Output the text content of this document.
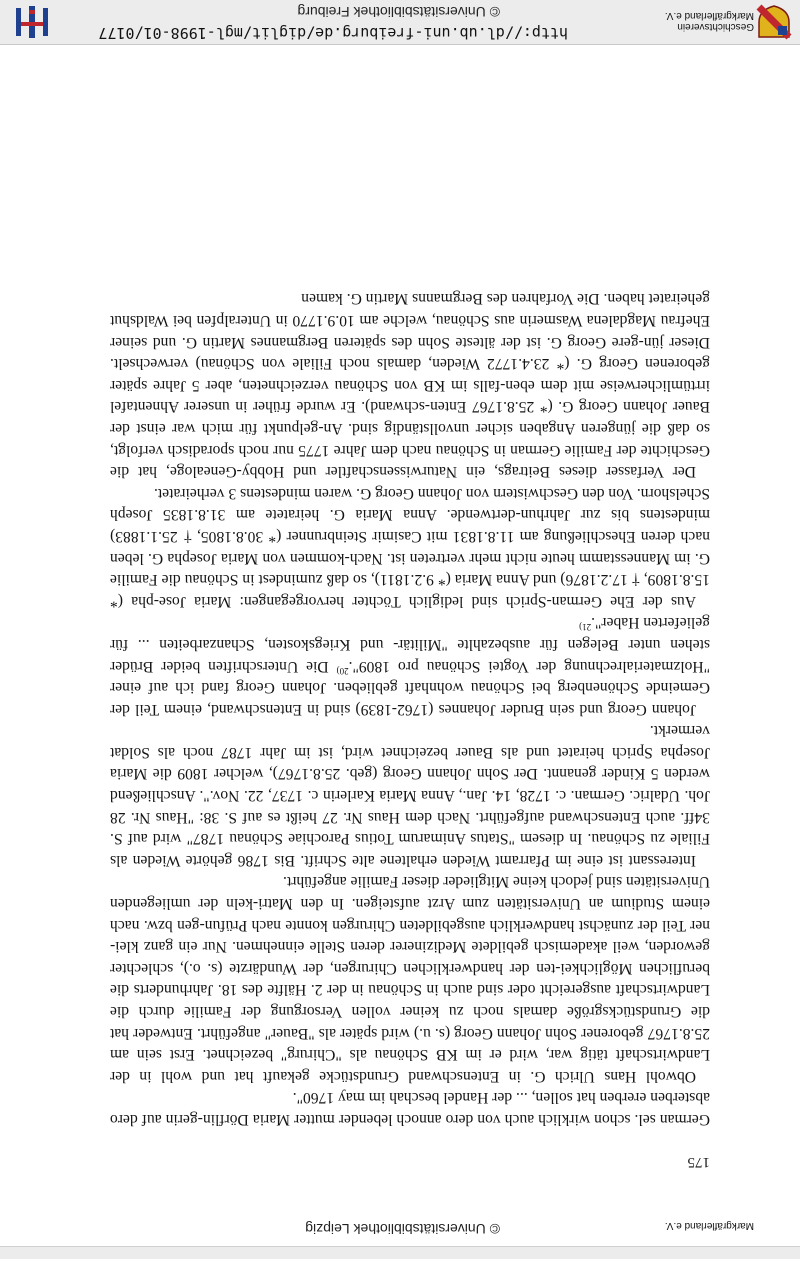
http://dl.ub.uni-freiburg.de/diglit/mgl-1998-01/0177
© Universitätsbibliothek Freiburg
Geschichtsverein
Markgräflerland e.V.
175

German sel. schon wirklich auch von dero annoch lebender mutter Maria Dörflin-gerin auf dero absterben ererben hat sollen, ... der Handel beschah im may 1760".

Obwohl Hans Ulrich G. in Entenschwand Grundstücke gekauft hat und wohl in der Landwirtschaft tätig war, wird er im KB Schönau als "Chirurg" bezeichnet. Erst sein am 25.8.1767 geborener Sohn Johann Georg (s. u.) wird später als "Bauer" angeführt. Entweder hat die Grundstücksgröße damals noch zu keiner vollen Versorgung der Familie durch die Landwirtschaft ausgereicht oder sind auch in Schönau in der 2. Hälfte des 18. Jahrhunderts die beruflichen Möglichkei-ten der handwerklichen Chirurgen, der Wundärzte (s. o.), schlechter geworden, weil akademisch gebildete Medizinerer deren Stelle einnehmen. Nur ein ganz klei-ner Teil der zunächst handwerklich ausgebildeten Chirurgen konnte nach Prüfun-gen bzw. nach einem Studium an Universitäten zum Arzt aufsteigen. In den Matri-keln der umliegenden Universitäten sind jedoch keine Mitglieder dieser Familie angeführt.

Interessant ist eine im Pfarramt Wieden erhaltene alte Schrift. Bis 1786 gehörte Wieden als Filiale zu Schönau. In diesem "Status Animarum Totius Parochiae Schönau 1787" wird auf S. 34ff. auch Entenschwand aufgeführt. Nach dem Haus Nr. 27 heißt es auf S. 38: "Haus Nr. 28 Joh. Udalric. German. c. 1728, 14. Jan., Anna Maria Karlerin c. 1737, 22. Nov.". Anschließend werden 5 Kinder genannt. Der Sohn Johann Georg (geb. 25.8.1767), welcher 1809 die Maria Josepha Sprich heiratet und als Bauer bezeichnet wird, ist im Jahr 1787 noch als Soldat vermerkt.

Johann Georg und sein Bruder Johannes (1762-1839) sind in Entenschwand, einem Teil der Gemeinde Schönenberg bei Schönau wohnhaft geblieben. Johann Georg fand ich auf einer "Holzmaterialrechnung der Vogtei Schönau pro 1809".$^{20)}$ Die Unterschriften beider Brüder stehen unter Belegen für ausbezahlte "Militär- und Kriegskosten, Schanzarbeiten ... für gelieferten Haber".$^{21)}$

Aus der Ehe German-Sprich sind lediglich Töchter hervorgegangen: Maria Jose-pha (* 15.8.1809, † 17.2.1876) und Anna Maria (* 9.2.1811), so daß zumindest in Schönau die Familie G. im Mannesstamm heute nicht mehr vertreten ist. Nach-kommen von Maria Josepha G. leben nach deren Eheschließung am 11.8.1831 mit Casimir Steinbrunner (* 30.8.1805, † 25.1.1883) mindestens bis zur Jahrhun-dertwende. Anna Maria G. heiratete am 31.8.1835 Joseph Schelshorn. Von den Geschwistern von Johann Georg G. waren mindestens 3 verheiratet.

Der Verfasser dieses Beitrags, ein Naturwissenschaftler und Hobby-Genealoge, hat die Geschichte der Familie German in Schönau nach dem Jahre 1775 nur noch sporadisch verfolgt, so daß die jüngeren Angaben sicher unvollständig sind. An-gelpunkt für mich war einst der Bauer Johann Georg G. (* 25.8.1767 Enten-schwand). Er wurde früher in unserer Ahnentafel irrtümlicherweise mit dem eben-falls im KB von Schönau verzeichneten, aber 5 Jahre später geborenen Georg G. (* 23.4.1772 Wieden, damals noch Filiale von Schönau) verwechselt. Dieser jün-gere Georg G. ist der älteste Sohn des späteren Bergmannes Martin G. und seiner Ehefrau Magdalena Wasmerin aus Schönau, welche am 10.9.1770 in Unteralpfen bei Waldshut geheiratet haben. Die Vorfahren des Bergmanns Martin G. kamen

© Universitätsbibliothek Leipzig	Markgräflerland e.V.
